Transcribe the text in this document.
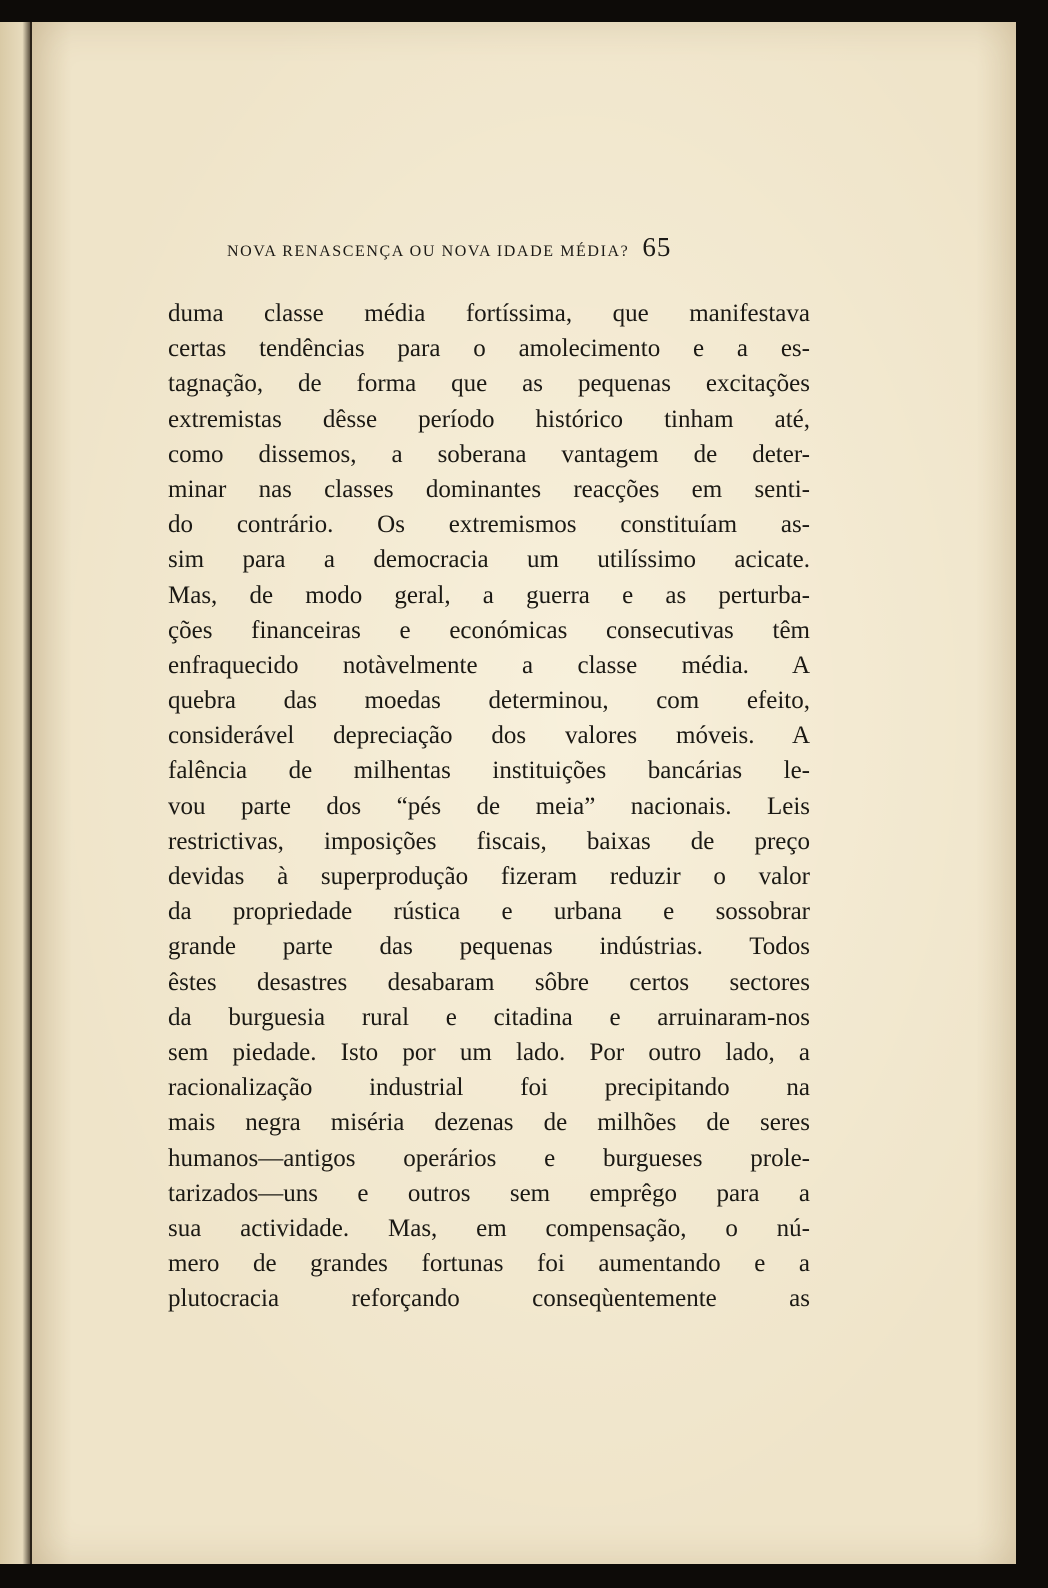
NOVA RENASCENÇA OU NOVA IDADE MÉDIA? 65
duma classe média fortíssima, que manifestava
certas tendências para o amolecimento e a es-
tagnação, de forma que as pequenas excitações
extremistas dêsse período histórico tinham até,
como dissemos, a soberana vantagem de deter-
minar nas classes dominantes reacções em senti-
do contrário. Os extremismos constituíam as-
sim para a democracia um utilíssimo acicate.
Mas, de modo geral, a guerra e as perturba-
ções financeiras e económicas consecutivas têm
enfraquecido notàvelmente a classe média. A
quebra das moedas determinou, com efeito,
considerável depreciação dos valores móveis. A
falência de milhentas instituições bancárias le-
vou parte dos “pés de meia” nacionais. Leis
restrictivas, imposições fiscais, baixas de preço
devidas à superprodução fizeram reduzir o valor
da propriedade rústica e urbana e sossobrar
grande parte das pequenas indústrias. Todos
êstes desastres desabaram sôbre certos sectores
da burguesia rural e citadina e arruinaram-nos
sem piedade. Isto por um lado. Por outro lado, a
racionalização industrial foi precipitando na
mais negra miséria dezenas de milhões de seres
humanos—antigos operários e burgueses prole-
tarizados—uns e outros sem emprêgo para a
sua actividade. Mas, em compensação, o nú-
mero de grandes fortunas foi aumentando e a
plutocracia reforçando conseqùentemente as
